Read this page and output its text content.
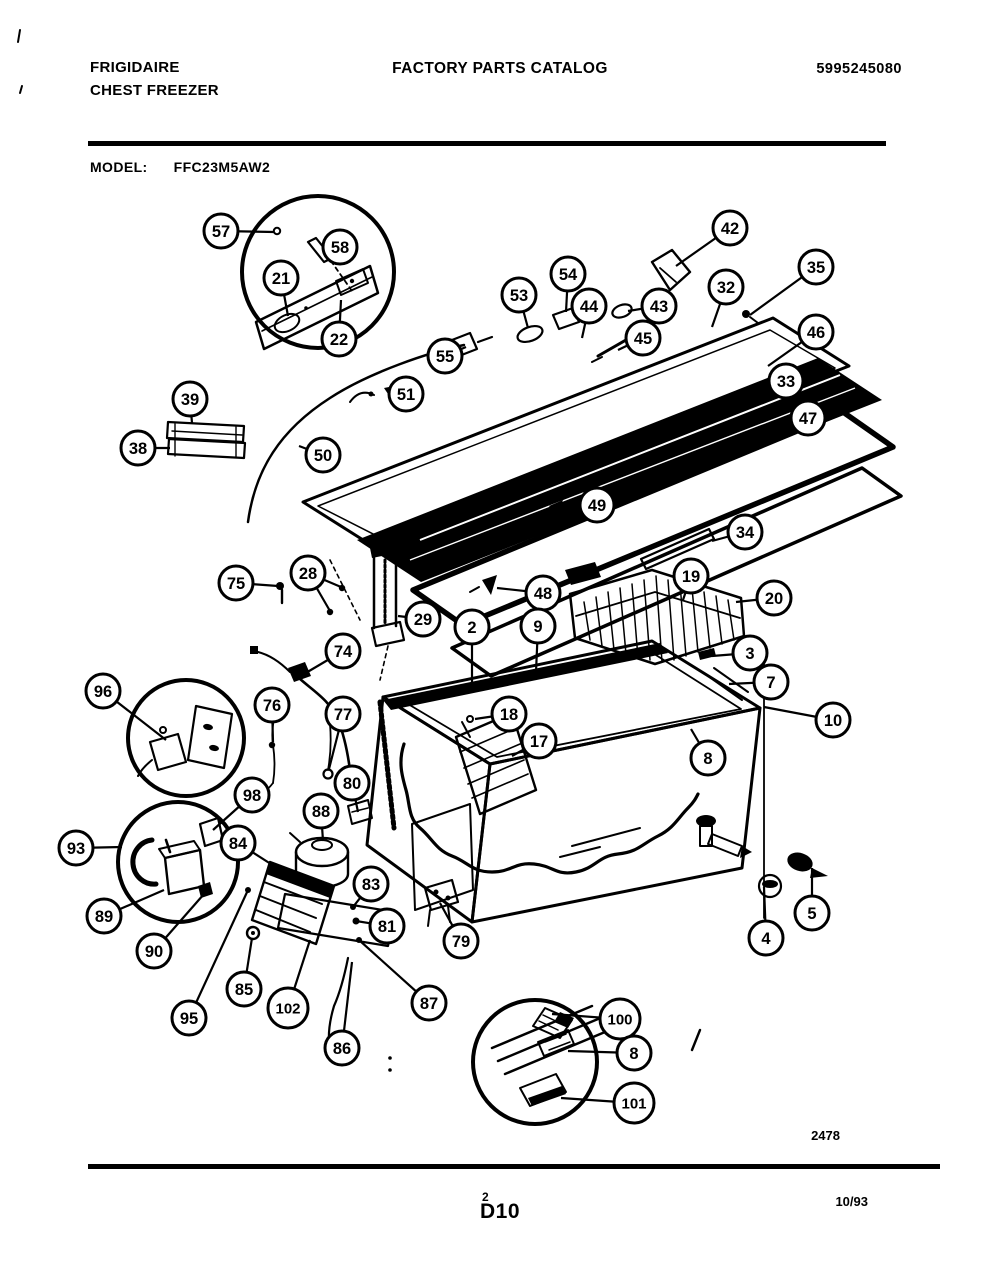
FRIGIDAIRE
CHEST FREEZER
FACTORY PARTS CATALOG	5995245080
MODEL: FFC23M5AW2
57
58
21
22
42
35
53
54
44	43
32
45	46
33
47
55
51
39
38	50
49
34
75
28
48
19
20
29 2	9
3
7
10
74
96
76	77	18
17
8
80
98
88
93	84
83
89
81
79
5
4
90
85
102
95
87
86
100
8
101
2478
2
D10	10/93
